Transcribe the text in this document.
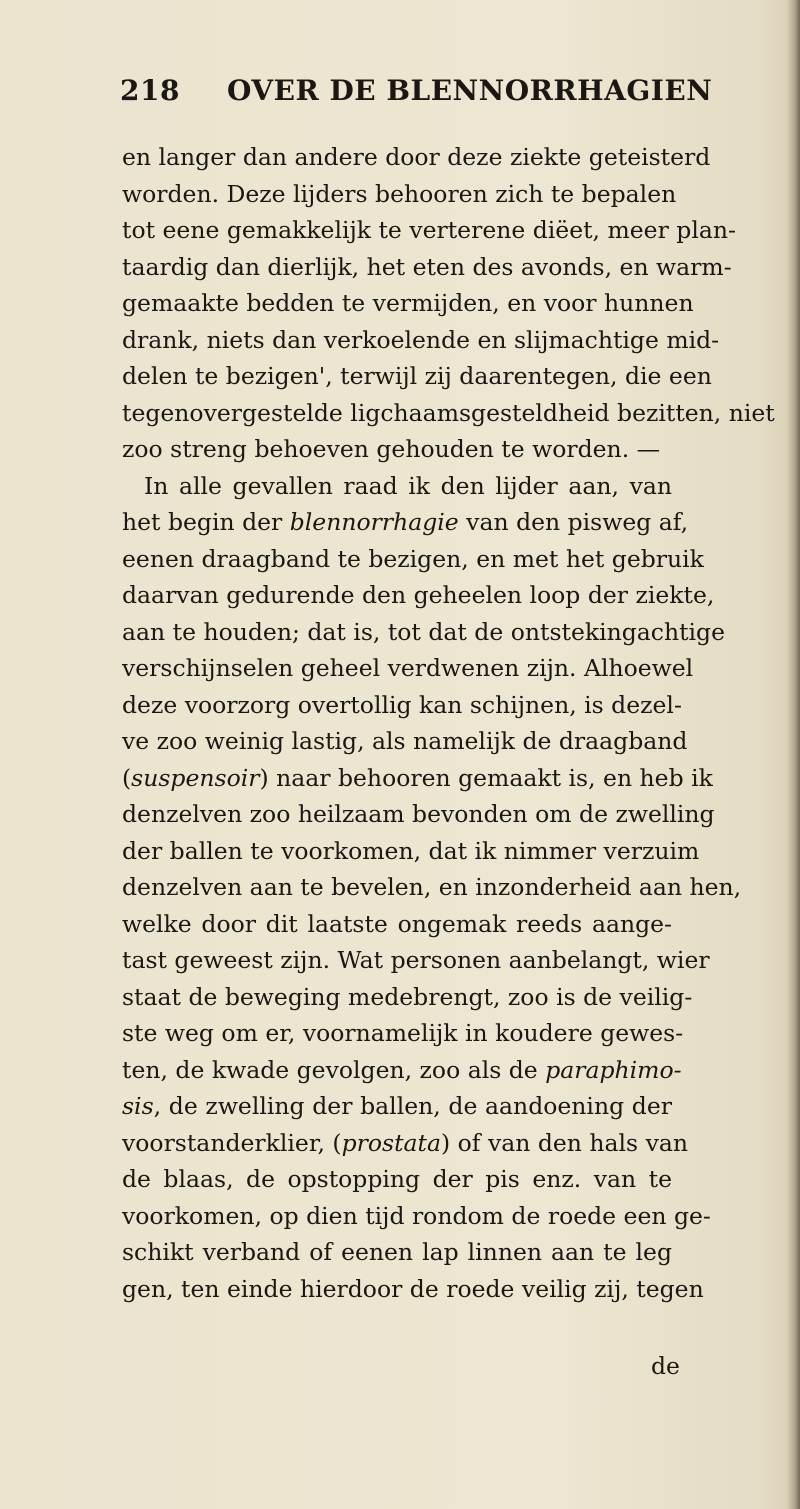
218 OVER DE BLENNORRHAGIEN
en langer dan andere door deze ziekte geteisterd
worden. Deze lijders behooren zich te bepalen
tot eene gemakkelijk te verterene diëet, meer plan-
taardig dan dierlijk, het eten des avonds, en warm-
gemaakte bedden te vermijden, en voor hunnen
drank, niets dan verkoelende en slijmachtige mid-
delen te bezigen', terwijl zij daarentegen, die een
tegenovergestelde ligchaamsgesteldheid bezitten, niet
zoo streng behoeven gehouden te worden. —
In alle gevallen raad ik den lijder aan, van
het begin der blennorrhagie van den pisweg af,
eenen draagband te bezigen, en met het gebruik
daarvan gedurende den geheelen loop der ziekte,
aan te houden; dat is, tot dat de ontstekingachtige
verschijnselen geheel verdwenen zijn. Alhoewel
deze voorzorg overtollig kan schijnen, is dezel-
ve zoo weinig lastig, als namelijk de draagband
(suspensoir) naar behooren gemaakt is, en heb ik
denzelven zoo heilzaam bevonden om de zwelling
der ballen te voorkomen, dat ik nimmer verzuim
denzelven aan te bevelen, en inzonderheid aan hen,
welke door dit laatste ongemak reeds aange-
tast geweest zijn. Wat personen aanbelangt, wier
staat de beweging medebrengt, zoo is de veilig-
ste weg om er, voornamelijk in koudere gewes-
ten, de kwade gevolgen, zoo als de paraphimo-
sis, de zwelling der ballen, de aandoening der
voorstanderklier, (prostata) of van den hals van
de blaas, de opstopping der pis enz. van te
voorkomen, op dien tijd rondom de roede een ge-
schikt verband of eenen lap linnen aan te leg
gen, ten einde hierdoor de roede veilig zij, tegen
de
